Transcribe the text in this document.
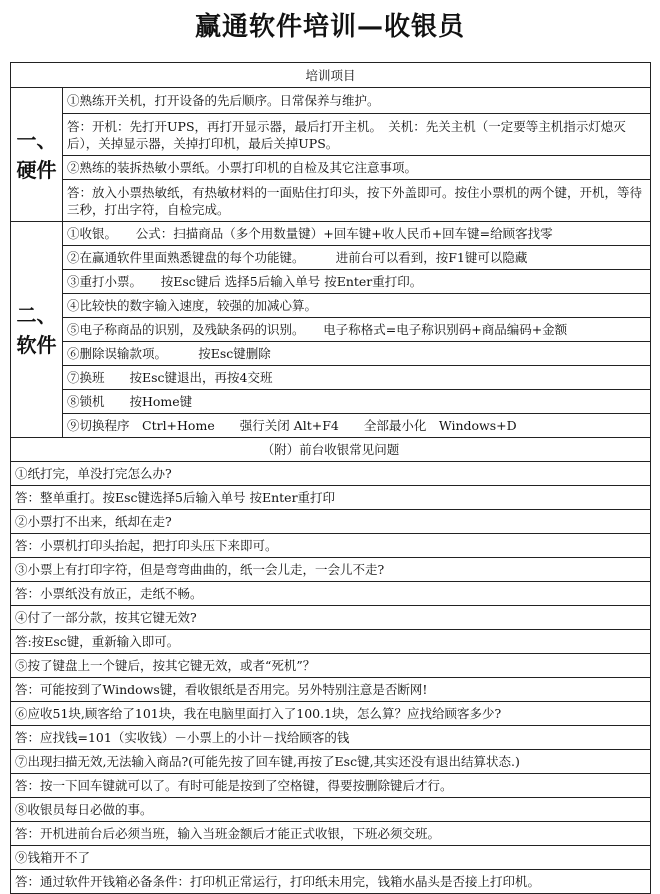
赢通软件培训—收银员
培训项目	

一、
硬件	①熟练开关机，打开设备的先后顺序。日常保养与维护。
	答：开机：先打开UPS，再打开显示器，最后打开主机。　关机：先关主机（一定要等主机指示灯熄灭后），关掉显示器，关掉打印机，最后关掉UPS。
	②熟练的装拆热敏小票纸。小票打印机的自检及其它注意事项。
	答：放入小票热敏纸，有热敏材料的一面贴住打印头，按下外盖即可。按住小票机的两个键，开机，等待三秒，打出字符，自检完成。

二、
软件	①收银。　　公式：扫描商品（多个用数量键）+回车键+收人民币+回车键=给顾客找零
	②在赢通软件里面熟悉键盘的每个功能键。　　　进前台可以看到，按F1键可以隐藏
	③重打小票。　　按Esc键后 选择5后输入单号 按Enter重打印。
	④比较快的数字输入速度，较强的加减心算。
	⑤电子称商品的识别，及残缺条码的识别。　　电子称格式=电子称识别码+商品编码+金额
	⑥删除误输款项。　　　按Esc键删除
	⑦换班　　按Esc键退出，再按4交班
	⑧锁机　　按Home键
	⑨切换程序　Ctrl+Home　　强行关闭 Alt+F4　　全部最小化　Windows+D
（附）前台收银常见问题	
①纸打完，单没打完怎么办?	
答：整单重打。按Esc键选择5后输入单号 按Enter重打印	
②小票打不出来，纸却在走?	
答：小票机打印头抬起，把打印头压下来即可。	
③小票上有打印字符，但是弯弯曲曲的，纸一会儿走，一会儿不走?	
答：小票纸没有放正，走纸不畅。	
④付了一部分款，按其它键无效?	
答:按Esc键，重新输入即可。	
⑤按了键盘上一个键后，按其它键无效，或者“死机”？	
答：可能按到了Windows键，看收银纸是否用完。另外特别注意是否断网!	
⑥应收51块,顾客给了101块，我在电脑里面打入了100.1块，怎么算？应找给顾客多少?	
答：应找钱=101（实收钱）－小票上的小计－找给顾客的钱	
⑦出现扫描无效,无法输入商品?(可能先按了回车键,再按了Esc键,其实还没有退出结算状态.)	
答：按一下回车键就可以了。有时可能是按到了空格键，得要按删除键后才行。	
⑧收银员每日必做的事。	
答：开机进前台后必须当班，输入当班金额后才能正式收银，下班必须交班。	
⑨钱箱开不了	
答：通过软件开钱箱必备条件：打印机正常运行，打印纸未用完，钱箱水晶头是否接上打印机。	
